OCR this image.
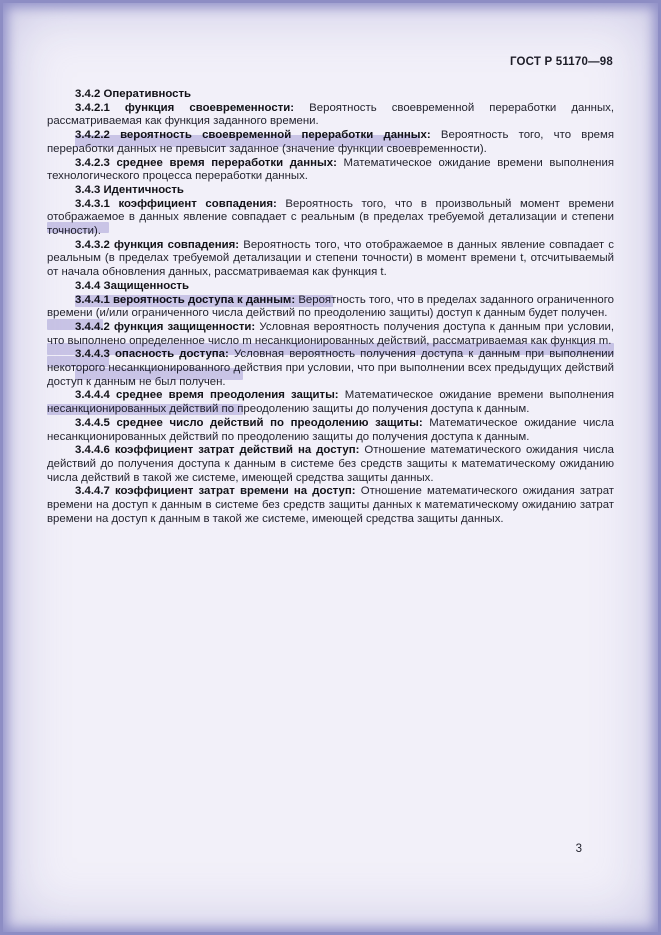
ГОСТ Р 51170—98

3.4.2 Оперативность

3.4.2.1 функция своевременности: Вероятность своевременной переработки данных, рассматриваемая как функция заданного времени.

3.4.2.2 вероятность своевременной переработки данных: Вероятность того, что время переработки данных не превысит заданное (значение функции своевременности).

3.4.2.3 среднее время переработки данных: Математическое ожидание времени выполнения технологического процесса переработки данных.

3.4.3 Идентичность

3.4.3.1 коэффициент совпадения: Вероятность того, что в произвольный момент времени отображаемое в данных явление совпадает с реальным (в пределах требуемой детализации и степени точности).

3.4.3.2 функция совпадения: Вероятность того, что отображаемое в данных явление совпадает с реальным (в пределах требуемой детализации и степени точности) в момент времени t, отсчитываемый от начала обновления данных, рассматриваемая как функция t.

3.4.4 Защищенность

3.4.4.1 вероятность доступа к данным: Вероятность того, что в пределах заданного ограниченного времени (и/или ограниченного числа действий по преодолению защиты) доступ к данным будет получен.

3.4.4.2 функция защищенности: Условная вероятность получения доступа к данным при условии, что выполнено определенное число m несанкционированных действий, рассматриваемая как функция m.

3.4.4.3 опасность доступа: Условная вероятность получения доступа к данным при выполнении некоторого несанкционированного действия при условии, что при выполнении всех предыдущих действий доступ к данным не был получен.

3.4.4.4 среднее время преодоления защиты: Математическое ожидание времени выполнения несанкционированных действий по преодолению защиты до получения доступа к данным.

3.4.4.5 среднее число действий по преодолению защиты: Математическое ожидание числа несанкционированных действий по преодолению защиты до получения доступа к данным.

3.4.4.6 коэффициент затрат действий на доступ: Отношение математического ожидания числа действий до получения доступа к данным в системе без средств защиты к математическому ожиданию числа действий в такой же системе, имеющей средства защиты данных.

3.4.4.7 коэффициент затрат времени на доступ: Отношение математического ожидания затрат времени на доступ к данным в системе без средств защиты данных к математическому ожиданию затрат времени на доступ к данным в такой же системе, имеющей средства защиты данных.

3
